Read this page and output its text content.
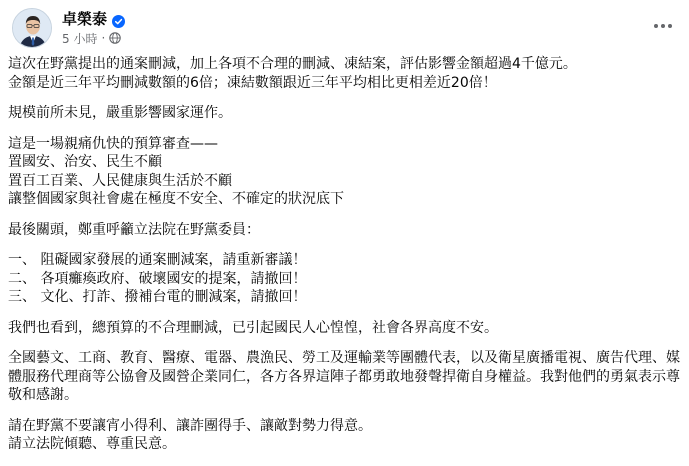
卓榮泰
5 小時 ·
這次在野黨提出的通案刪減，加上各項不合理的刪減、凍結案，評估影響金額超過4千億元。
金額是近三年平均刪減數額的6倍；凍結數額跟近三年平均相比更相差近20倍！
規模前所未見，嚴重影響國家運作。
這是一場親痛仇快的預算審查——
置國安、治安、民生不顧
置百工百業、人民健康與生活於不顧
讓整個國家與社會處在極度不安全、不確定的狀況底下
最後關頭，鄭重呼籲立法院在野黨委員：
一、 阻礙國家發展的通案刪減案，請重新審議！
二、 各項癱瘓政府、破壞國安的提案，請撤回！
三、 文化、打詐、撥補台電的刪減案，請撤回！
我們也看到，總預算的不合理刪減，已引起國民人心惶惶，社會各界高度不安。
全國藝文、工商、教育、醫療、電器、農漁民、勞工及運輸業等團體代表，以及衛星廣播電視、廣告代理、媒體服務代理商等公協會及國營企業同仁，各方各界這陣子都勇敢地發聲捍衛自身權益。我對他們的勇氣表示尊敬和感謝。
請在野黨不要讓宵小得利、讓詐團得手、讓敵對勢力得意。
請立法院傾聽、尊重民意。
